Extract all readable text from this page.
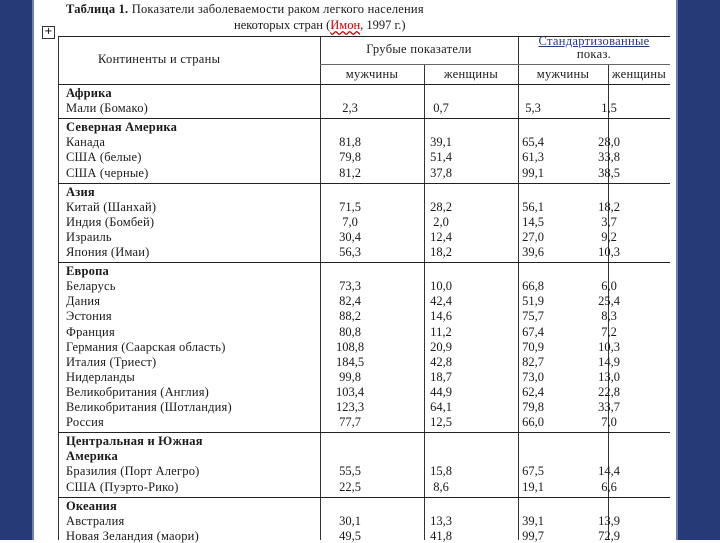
Таблица 1. Показатели заболеваемости раком легкого населения
некоторых стран (Имон, 1997 г.)
+
Континенты и страны
Грубые показатели
Стандартизованные
показ.
мужчины	женщины	мужчины	женщины
Африка
Мали (Бомако)	2,3	0,7	5,3	1,5
Северная Америка
Канада	81,8	39,1	65,4	28,0
США (белые)	79,8	51,4	61,3	33,8
США (черные)	81,2	37,8	99,1	38,5
Азия
Китай (Шанхай)	71,5	28,2	56,1	18,2
Индия (Бомбей)	7,0	2,0	14,5	3,7
Израиль	30,4	12,4	27,0	9,2
Япония (Имаи)	56,3	18,2	39,6	10,3
Европа
Беларусь	73,3	10,0	66,8	6,0
Дания	82,4	42,4	51,9	25,4
Эстония	88,2	14,6	75,7	8,3
Франция	80,8	11,2	67,4	7,2
Германия (Саарская область)	108,8	20,9	70,9	10,3
Италия (Триест)	184,5	42,8	82,7	14,9
Нидерланды	99,8	18,7	73,0	13,0
Великобритания (Англия)	103,4	44,9	62,4	22,8
Великобритания (Шотландия)	123,3	64,1	79,8	33,7
Россия	77,7	12,5	66,0	7,0
Центральная и Южная
Америка
Бразилия (Порт Алегро)	55,5	15,8	67,5	14,4
США (Пуэрто-Рико)	22,5	8,6	19,1	6,6
Океания
Австралия	30,1	13,3	39,1	13,9
Новая Зеландия (маори)	49,5	41,8	99,7	72,9
